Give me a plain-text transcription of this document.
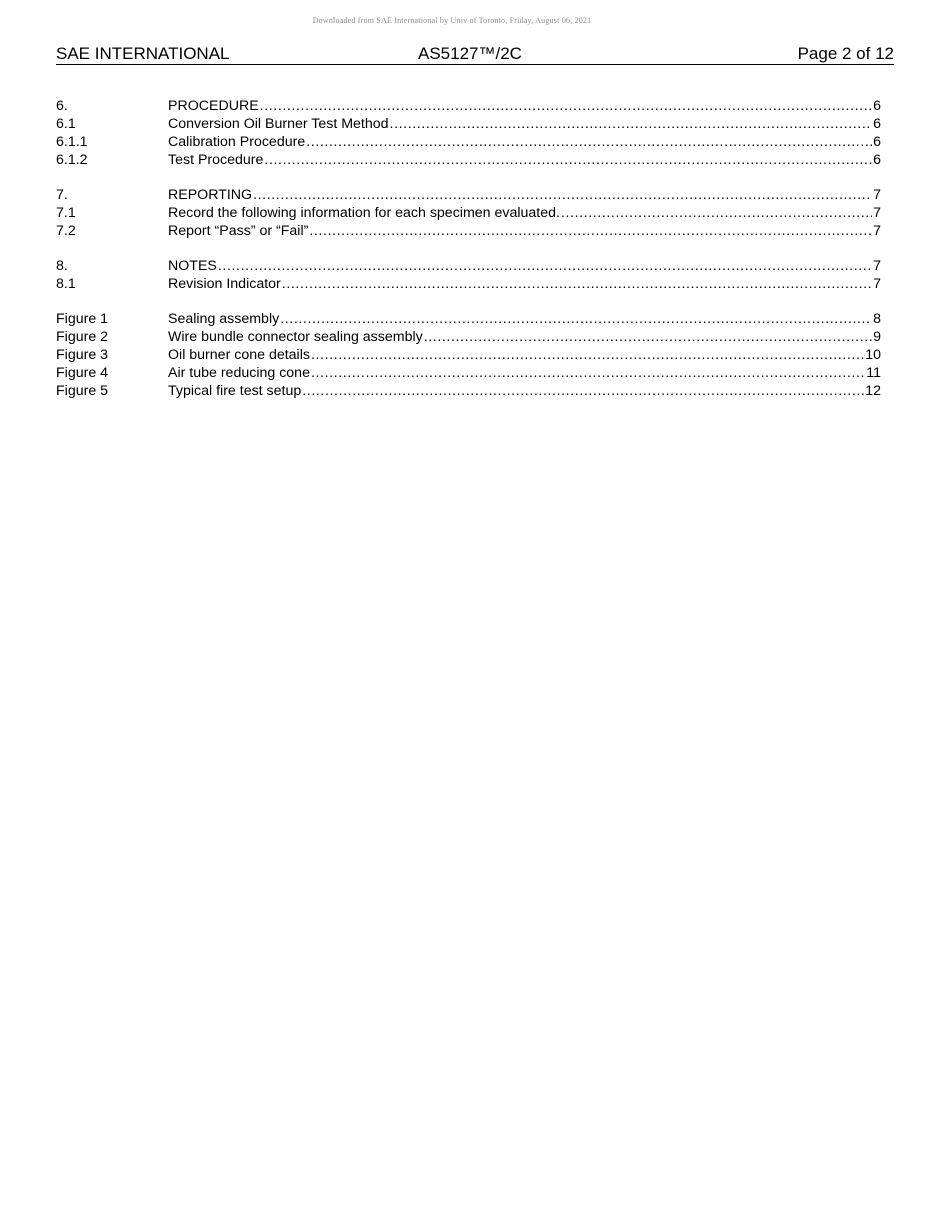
Downloaded from SAE International by Univ of Toronto, Friday, August 06, 2021
SAE INTERNATIONAL	AS5127™/2C	Page 2 of 12
6.	PROCEDURE .....	6
6.1	Conversion Oil Burner Test Method .....	6
6.1.1	Calibration Procedure .....	6
6.1.2	Test Procedure .....	6
7.	REPORTING .....	7
7.1	Record the following information for each specimen evaluated. .....	7
7.2	Report “Pass” or “Fail” .....	7
8.	NOTES .....	7
8.1	Revision Indicator .....	7
Figure 1	Sealing assembly .....	8
Figure 2	Wire bundle connector sealing assembly .....	9
Figure 3	Oil burner cone details .....	10
Figure 4	Air tube reducing cone .....	11
Figure 5	Typical fire test setup .....	12
